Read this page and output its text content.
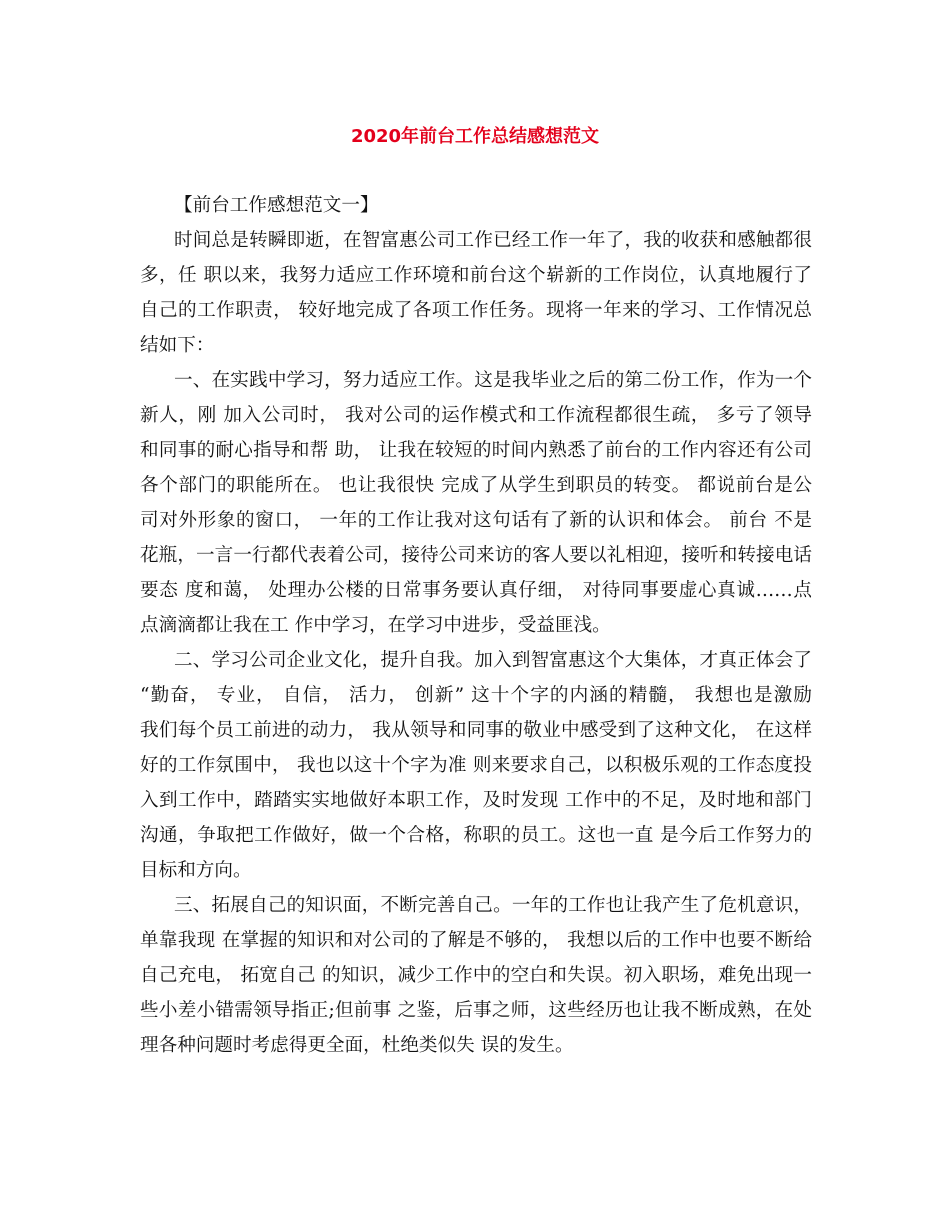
2020年前台工作总结感想范文

【前台工作感想范文一】

时间总是转瞬即逝，在智富惠公司工作已经工作一年了，我的收获和感触都很
多，任 职以来，我努力适应工作环境和前台这个崭新的工作岗位，认真地履行了
自己的工作职责， 较好地完成了各项工作任务。现将一年来的学习、工作情况总
结如下：

一、在实践中学习，努力适应工作。这是我毕业之后的第二份工作，作为一个
新人，刚 加入公司时， 我对公司的运作模式和工作流程都很生疏， 多亏了领导
和同事的耐心指导和帮 助， 让我在较短的时间内熟悉了前台的工作内容还有公司
各个部门的职能所在。 也让我很快 完成了从学生到职员的转变。 都说前台是公
司对外形象的窗口， 一年的工作让我对这句话有了新的认识和体会。 前台 不是
花瓶，一言一行都代表着公司，接待公司来访的客人要以礼相迎，接听和转接电话
要态 度和蔼， 处理办公楼的日常事务要认真仔细， 对待同事要虚心真诚……点
点滴滴都让我在工 作中学习，在学习中进步，受益匪浅。

二、学习公司企业文化，提升自我。加入到智富惠这个大集体，才真正体会了
“勤奋， 专业， 自信， 活力， 创新” 这十个字的内涵的精髓， 我想也是激励
我们每个员工前进的动力， 我从领导和同事的敬业中感受到了这种文化， 在这样
好的工作氛围中， 我也以这十个字为准 则来要求自己，以积极乐观的工作态度投
入到工作中，踏踏实实地做好本职工作，及时发现 工作中的不足，及时地和部门
沟通，争取把工作做好，做一个合格，称职的员工。这也一直 是今后工作努力的
目标和方向。

三、拓展自己的知识面，不断完善自己。一年的工作也让我产生了危机意识，
单靠我现 在掌握的知识和对公司的了解是不够的， 我想以后的工作中也要不断给
自己充电， 拓宽自己 的知识，减少工作中的空白和失误。初入职场，难免出现一
些小差小错需领导指正;但前事 之鉴，后事之师，这些经历也让我不断成熟，在处
理各种问题时考虑得更全面，杜绝类似失 误的发生。
